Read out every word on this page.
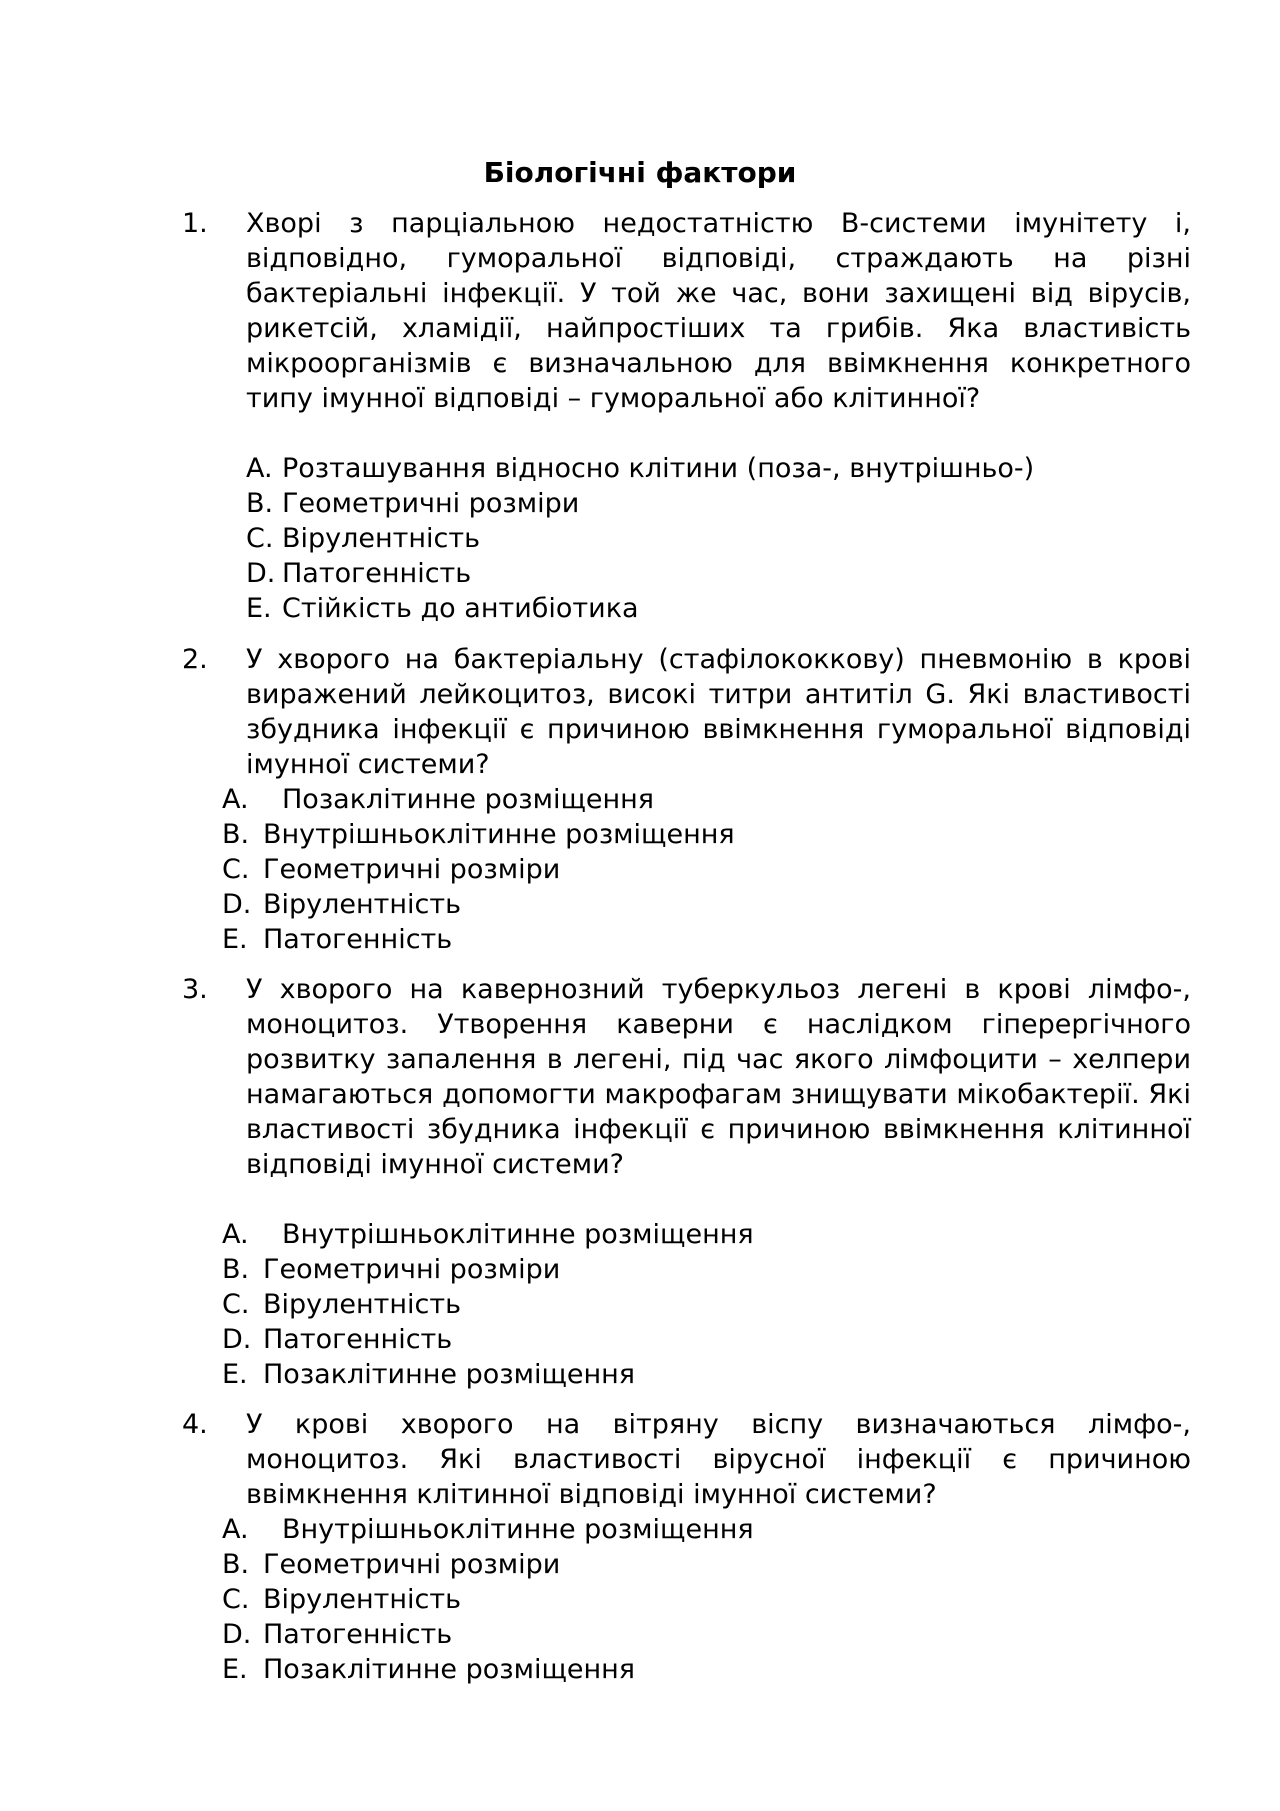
Біологічні фактори
1. Хворі з парціальною недостатністю В-системи імунітету і, відповідно, гуморальної відповіді, страждають на різні бактеріальні інфекції. У той же час, вони захищені від вірусів, рикетсій, хламідії, найпростіших та грибів. Яка властивість мікроорганізмів є визначальною для ввімкнення конкретного типу імунної відповіді – гуморальної або клітинної?
A. Розташування відносно клітини (поза-, внутрішньо-)
B. Геометричні розміри
C. Вірулентність
D. Патогенність
E. Стійкість до антибіотика
2. У хворого на бактеріальну (стафілококкову) пневмонію в крові виражений лейкоцитоз, високі титри антитіл G. Які властивості збудника інфекції є причиною ввімкнення гуморальної відповіді імунної системи?
A. Позаклітинне розміщення
B. Внутрішньоклітинне розміщення
C. Геометричні розміри
D. Вірулентність
E. Патогенність
3. У хворого на кавернозний туберкульоз легені в крові лімфо-, моноцитоз. Утворення каверни є наслідком гіперергічного розвитку запалення в легені, під час якого лімфоцити – хелпери намагаються допомогти макрофагам знищувати мікобактерії. Які властивості збудника інфекції є причиною ввімкнення клітинної відповіді імунної системи?
A. Внутрішньоклітинне розміщення
B. Геометричні розміри
C. Вірулентність
D. Патогенність
E. Позаклітинне розміщення
4. У крові хворого на вітряну віспу визначаються лімфо-, моноцитоз. Які властивості вірусної інфекції є причиною ввімкнення клітинної відповіді імунної системи?
A. Внутрішньоклітинне розміщення
B. Геометричні розміри
C. Вірулентність
D. Патогенність
E. Позаклітинне розміщення
